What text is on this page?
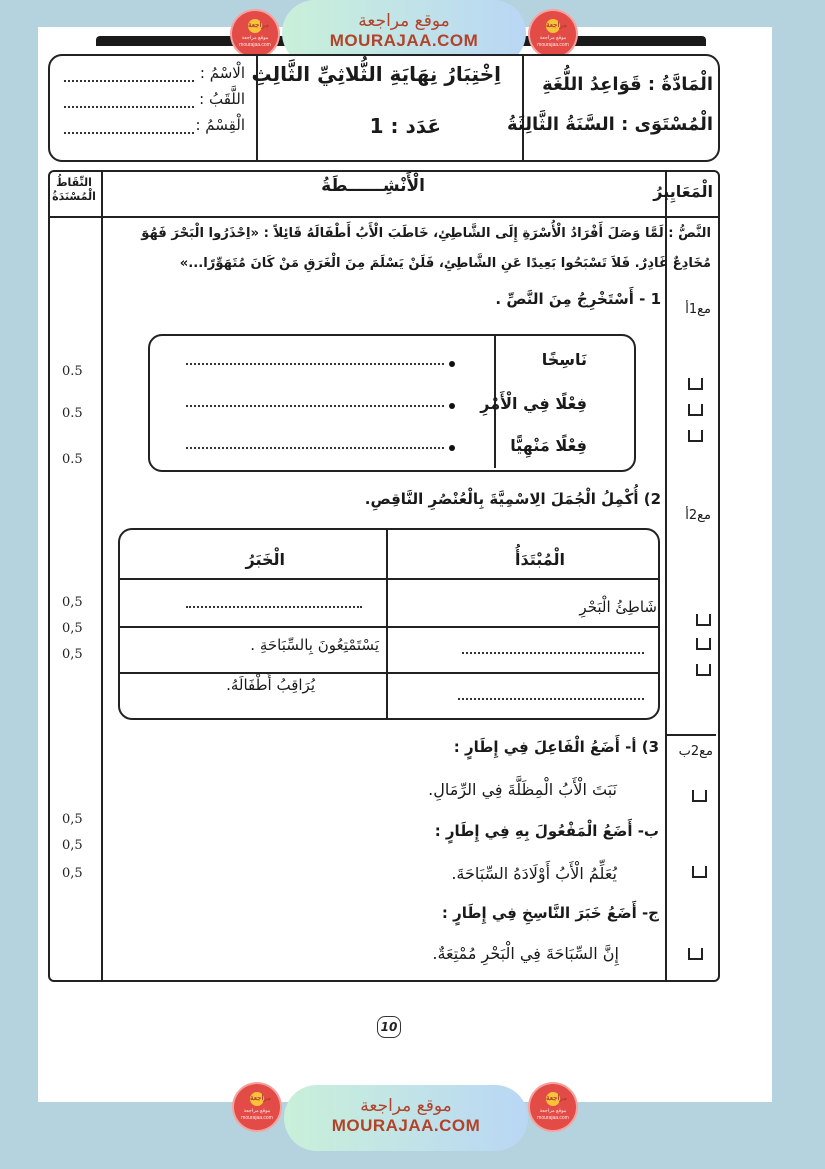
مراجعة
موقع مراجعة
mourajaa.com
موقع مراجعة
MOURAJAA.COM
مراجعة
موقع مراجعة
mourajaa.com
الْمَادَّةُ : قَوَاعِدُ اللُّغَةِ
الْمُسْتَوَى : السَّنَةُ الثَّالِثَةُ
اِخْتِبَارُ نِهَايَةِ الثُّلاثِيِّ الثَّالِثِ
عَدَد : 1
الْاسْمُ :
اللَّقَبُ :
الْقِسْمُ :
الْمَعَايِيرُ
الْأَنْشِــــــطَةُ
النِّقَاطُ الْمُسْنَدَةُ
النَّصُّ : لَمَّا وَصَلَ أَفْرَادُ الْأُسْرَةِ إِلَى الشَّاطِئِ، خَاطَبَ الْأَبُ أَطْفَالَهُ قَائِلاً : «اِحْذَرُوا الْبَحْرَ فَهُوَ
مُخَادِعٌ غَادِرٌ. فَلاَ تَسْبَحُوا بَعِيدًا عَنِ الشَّاطِئِ، فَلَنْ يَسْلَمَ مِنَ الْغَرَقِ مَنْ كَانَ مُتَهَوِّرًا...»
مع1أ
1 - أَسْتَخْرِجُ مِنَ النَّصِّ .
نَاسِخًا
فِعْلًا فِي الْأَمْرِ
فِعْلًا مَنْهِيًّا
0.5
0.5
0.5
مع2أ
2) أُكْمِلُ الْجُمَلَ الِاسْمِيَّةَ بِالْعُنْصُرِ النَّاقِصِ.
الْمُبْتَدَأُ
الْخَبَرُ
شَاطِئُ الْبَحْرِ
يَسْتَمْتِعُونَ بِالسِّبَاحَةِ .
يُرَاقِبُ أَطْفَالَهُ.
0,5
0,5
0,5
مع2ب
3) أ- أَضَعُ الْفَاعِلَ فِي إِطَارٍ :
نَبَتَ الْأَبُ الْمِظَلَّةَ فِي الرِّمَالِ.
ب- أَضَعُ الْمَفْعُولَ بِهِ فِي إِطَارٍ :
يُعَلِّمُ الْأَبُ أَوْلَادَهُ السِّبَاحَةَ.
ج- أَضَعُ خَبَرَ النَّاسِخِ فِي إِطَارٍ :
إِنَّ السِّبَاحَةَ فِي الْبَحْرِ مُمْتِعَةٌ.
0,5
0,5
0,5
10
مراجعة
موقع مراجعة
mourajaa.com
موقع مراجعة
MOURAJAA.COM
مراجعة
موقع مراجعة
mourajaa.com
